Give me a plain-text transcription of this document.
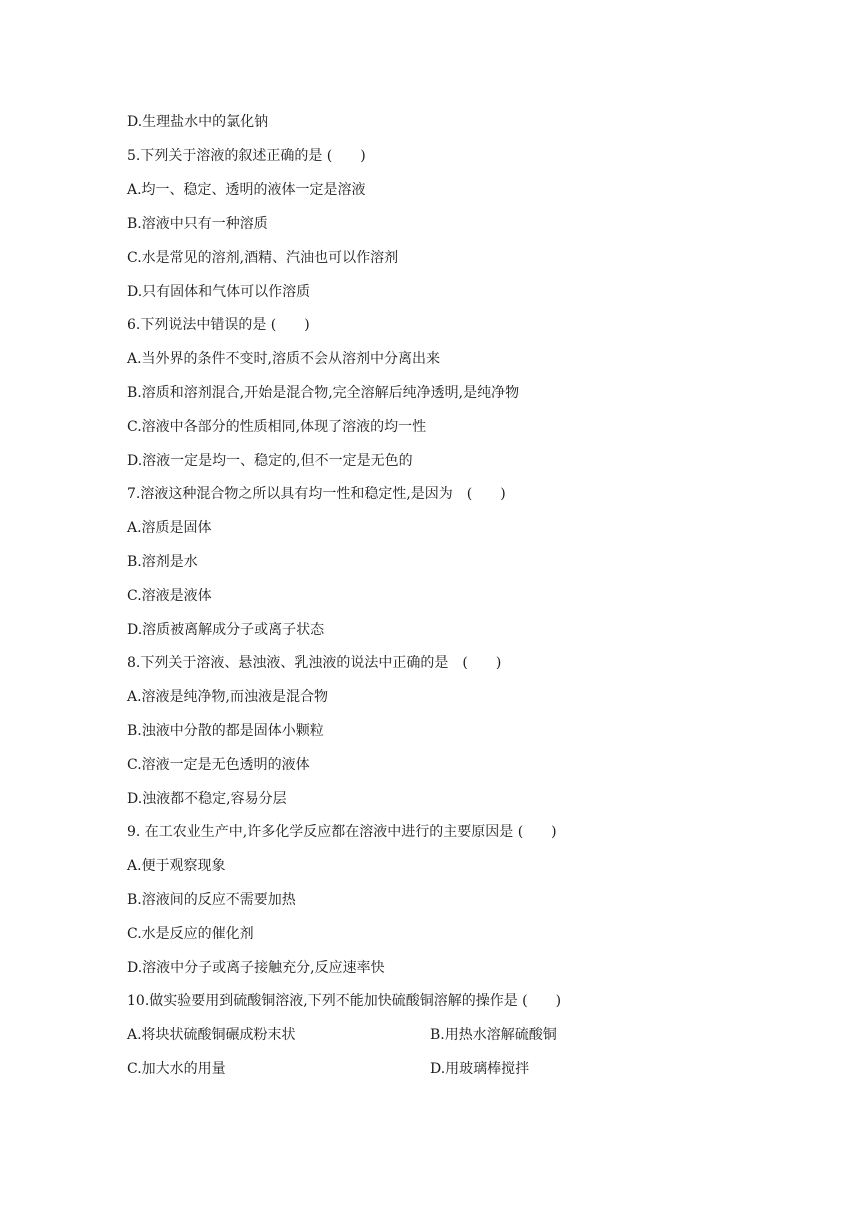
D.生理盐水中的氯化钠
5.下列关于溶液的叙述正确的是 (　　)
A.均一、稳定、透明的液体一定是溶液
B.溶液中只有一种溶质
C.水是常见的溶剂,酒精、汽油也可以作溶剂
D.只有固体和气体可以作溶质
6.下列说法中错误的是 (　　)
A.当外界的条件不变时,溶质不会从溶剂中分离出来
B.溶质和溶剂混合,开始是混合物,完全溶解后纯净透明,是纯净物
C.溶液中各部分的性质相同,体现了溶液的均一性
D.溶液一定是均一、稳定的,但不一定是无色的
7.溶液这种混合物之所以具有均一性和稳定性,是因为　(　　)
A.溶质是固体
B.溶剂是水
C.溶液是液体
D.溶质被离解成分子或离子状态
8.下列关于溶液、悬浊液、乳浊液的说法中正确的是　(　　)
A.溶液是纯净物,而浊液是混合物
B.浊液中分散的都是固体小颗粒
C.溶液一定是无色透明的液体
D.浊液都不稳定,容易分层
9. 在工农业生产中,许多化学反应都在溶液中进行的主要原因是 (　　)
A.便于观察现象
B.溶液间的反应不需要加热
C.水是反应的催化剂
D.溶液中分子或离子接触充分,反应速率快
10.做实验要用到硫酸铜溶液,下列不能加快硫酸铜溶解的操作是 (　　)
A.将块状硫酸铜碾成粉末状	B.用热水溶解硫酸铜
C.加大水的用量	D.用玻璃棒搅拌
